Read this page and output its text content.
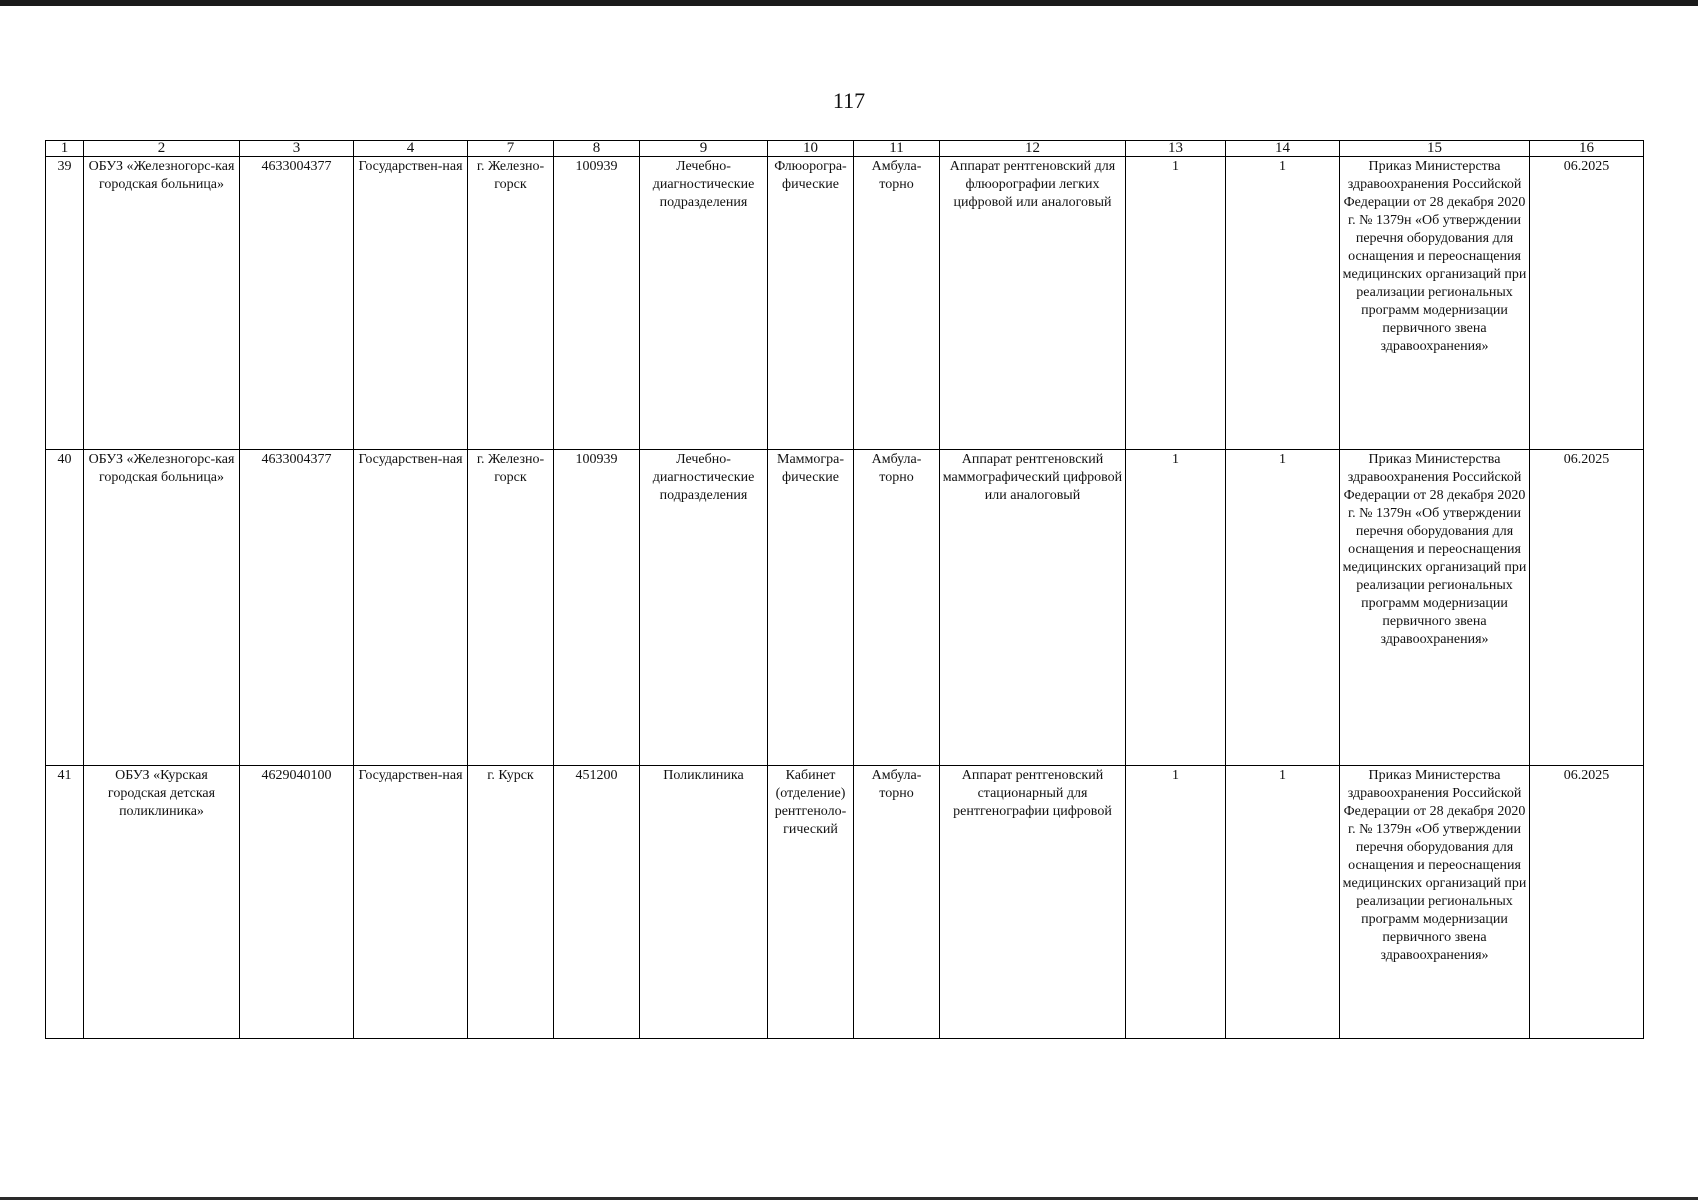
117
1	2	3	4	7	8	9	10	11	12	13	14	15	16
39	ОБУЗ «Железногорс-кая городская больница»	4633004377	Государствен-ная	г. Железно-горск	100939	Лечебно-диагностические подразделения	Флюорогра-фические	Амбула-торно	Аппарат рентгеновский для флюорографии легких цифровой или аналоговый	1	1	Приказ Министерства здравоохранения Российской Федерации от 28 декабря 2020 г. № 1379н «Об утверждении перечня оборудования для оснащения и переоснащения медицинских организаций при реализации региональных программ модернизации первичного звена здравоохранения»	06.2025
40	ОБУЗ «Железногорс-кая городская больница»	4633004377	Государствен-ная	г. Железно-горск	100939	Лечебно-диагностические подразделения	Маммогра-фические	Амбула-торно	Аппарат рентгеновский маммографический цифровой или аналоговый	1	1	Приказ Министерства здравоохранения Российской Федерации от 28 декабря 2020 г. № 1379н «Об утверждении перечня оборудования для оснащения и переоснащения медицинских организаций при реализации региональных программ модернизации первичного звена здравоохранения»	06.2025
41	ОБУЗ «Курская городская детская поликлиника»	4629040100	Государствен-ная	г. Курск	451200	Поликлиника	Кабинет (отделение) рентгеноло-гический	Амбула-торно	Аппарат рентгеновский стационарный для рентгенографии цифровой	1	1	Приказ Министерства здравоохранения Российской Федерации от 28 декабря 2020 г. № 1379н «Об утверждении перечня оборудования для оснащения и переоснащения медицинских организаций при реализации региональных программ модернизации первичного звена здравоохранения»	06.2025
